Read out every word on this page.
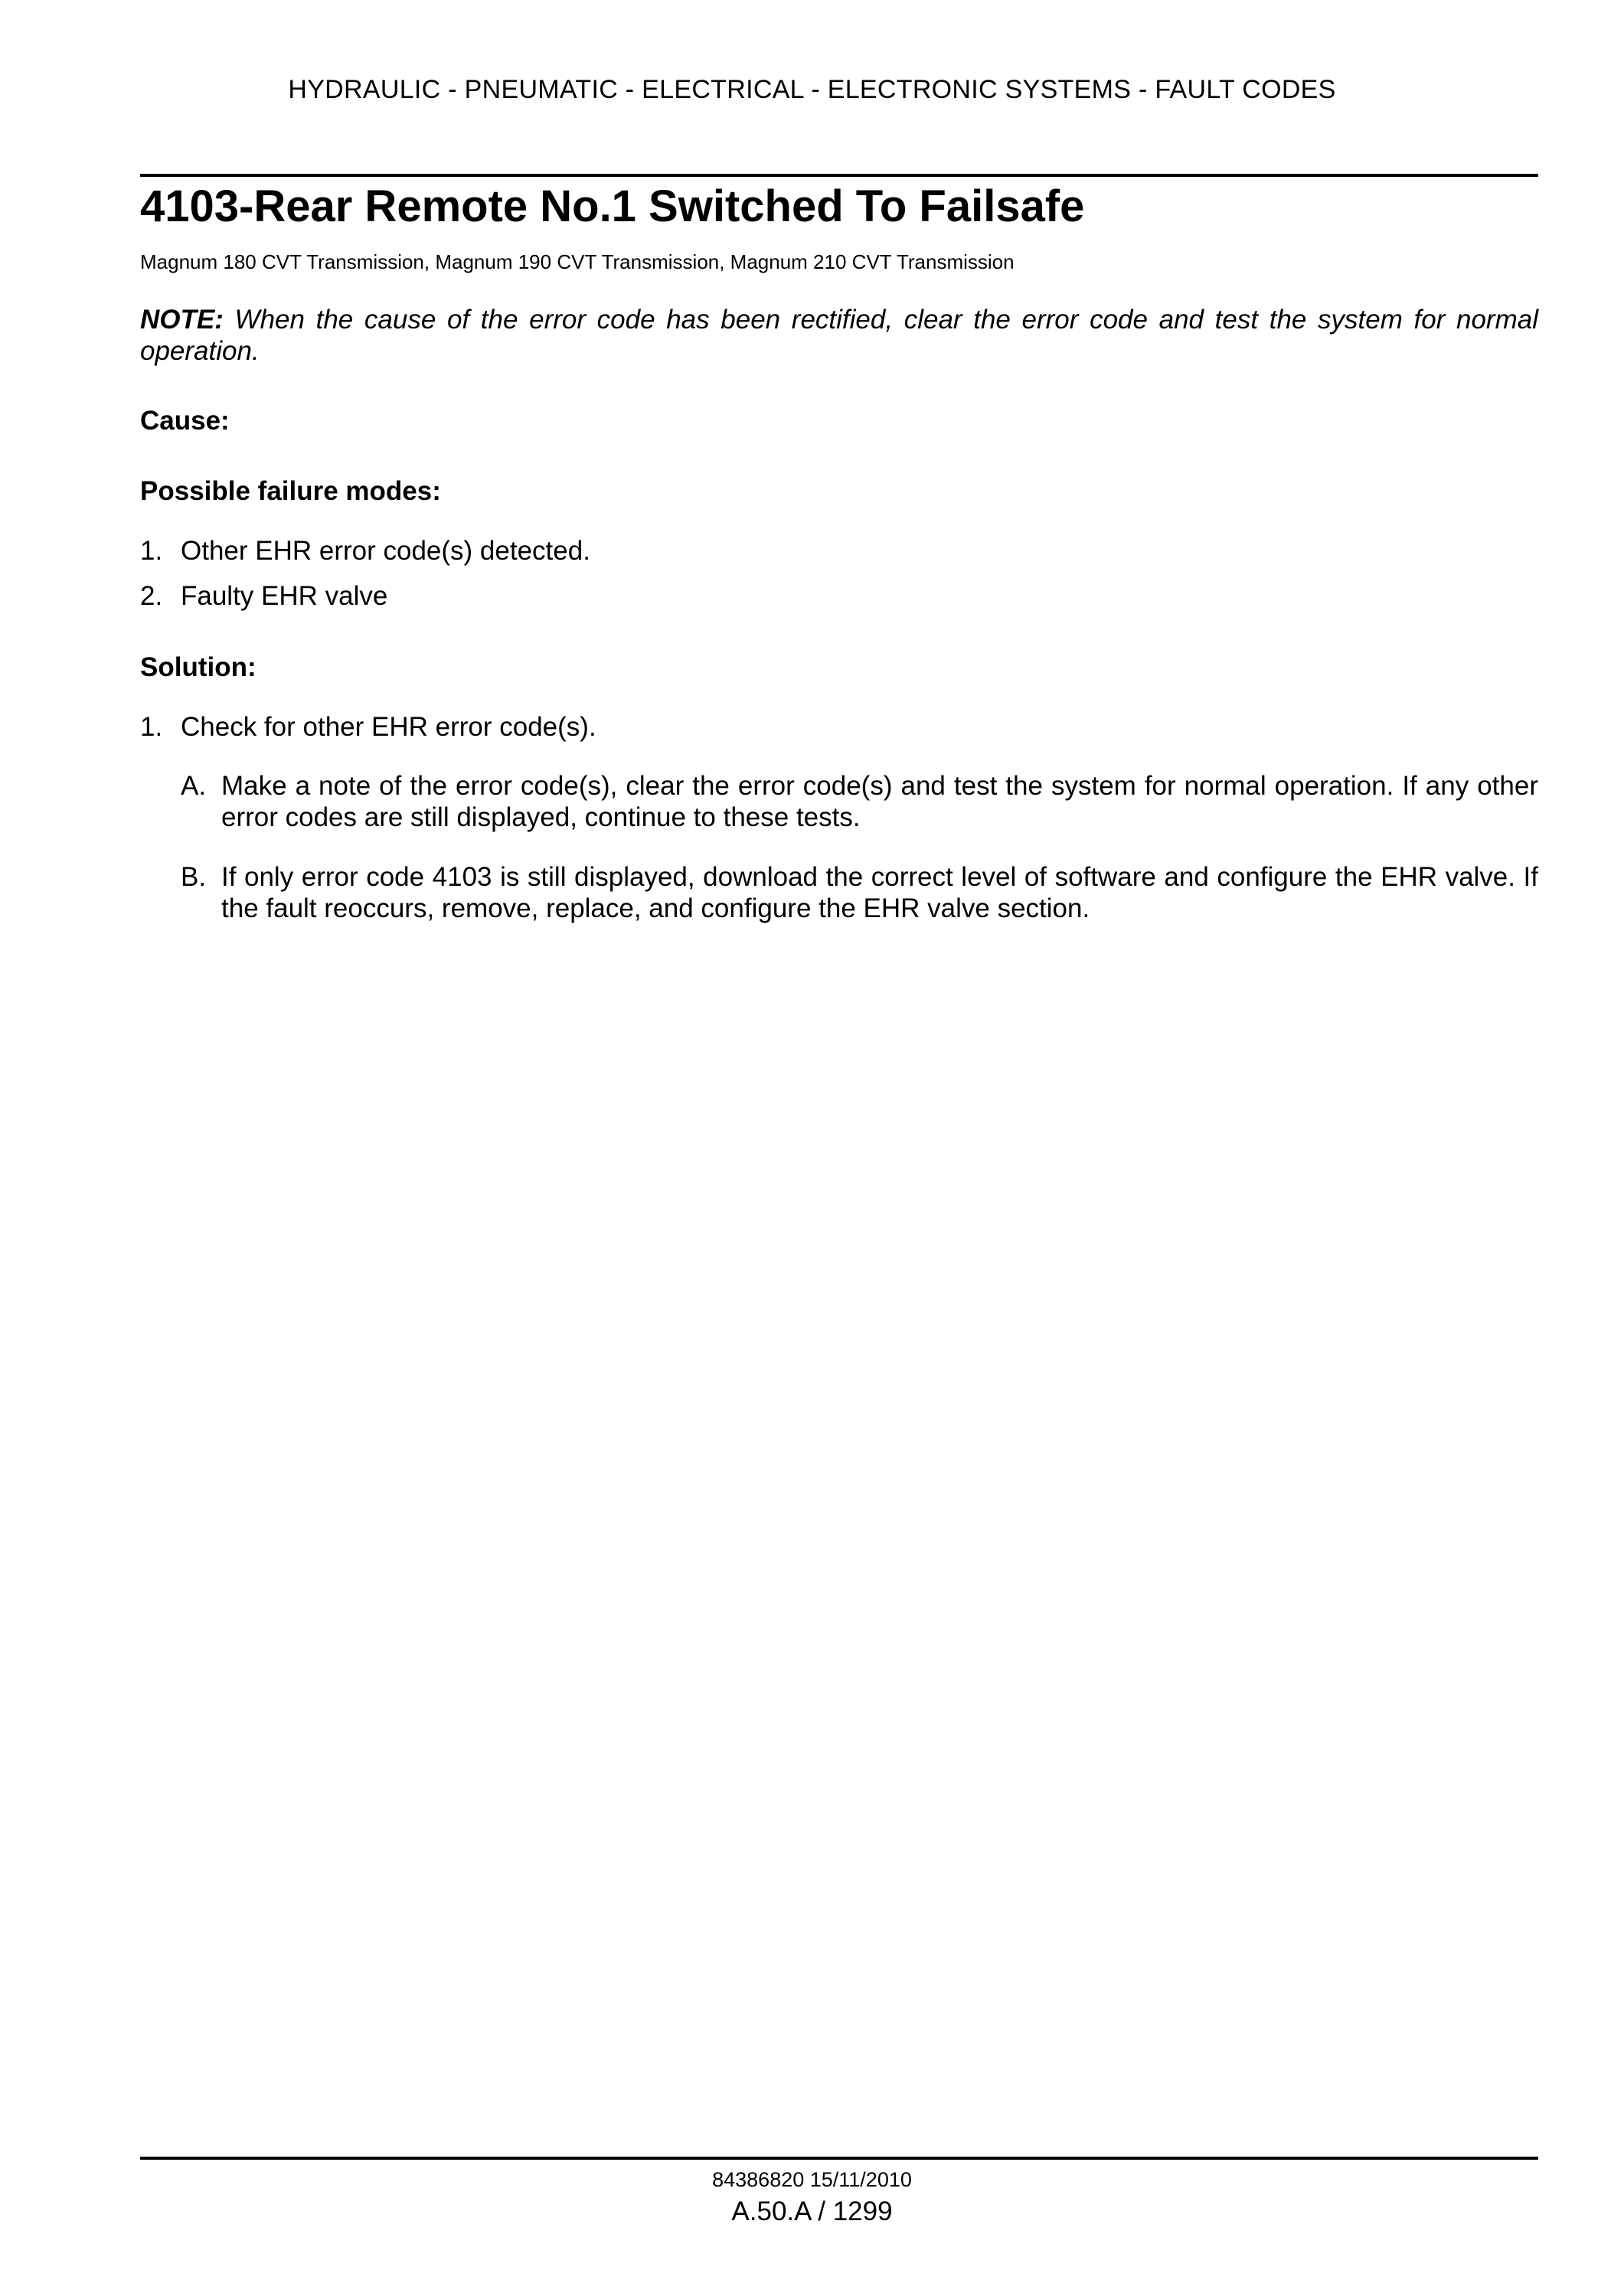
HYDRAULIC - PNEUMATIC - ELECTRICAL - ELECTRONIC SYSTEMS - FAULT CODES
4103-Rear Remote No.1 Switched To Failsafe

Magnum 180 CVT Transmission, Magnum 190 CVT Transmission, Magnum 210 CVT Transmission

NOTE: When the cause of the error code has been rectified, clear the error code and test the system for normal operation.

Cause:
Possible failure modes:
1. Other EHR error code(s) detected.
2. Faulty EHR valve
Solution:
1. Check for other EHR error code(s).
A. Make a note of the error code(s), clear the error code(s) and test the system for normal operation. If any other error codes are still displayed, continue to these tests.
B. If only error code 4103 is still displayed, download the correct level of software and configure the EHR valve. If the fault reoccurs, remove, replace, and configure the EHR valve section.
84386820 15/11/2010
A.50.A / 1299
